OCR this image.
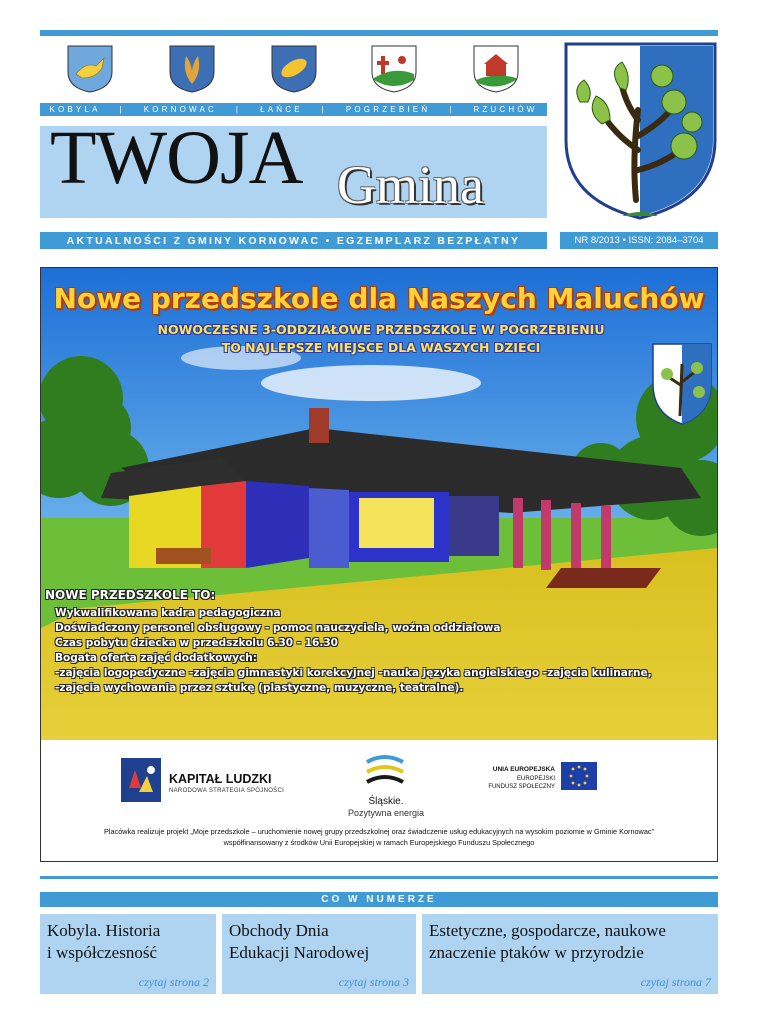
KOBYLA | KORNOWAC | ŁAŃCE | POGRZEBIEŃ | RZUCHÓW
TWOJA Gmina
AKTUALNOŚCI Z GMINY KORNOWAC • EGZEMPLARZ BEZPŁATNY	NR 8/2013 • ISSN: 2084–3704
Nowe przedszkole dla Naszych Maluchów
NOWOCZESNE 3-ODDZIAŁOWE PRZEDSZKOLE W POGRZEBIENIU
TO NAJLEPSZE MIEJSCE DLA WASZYCH DZIECI
NOWE PRZEDSZKOLE TO:
Wykwalifikowana kadra pedagogiczna
Doświadczony personel obsługowy - pomoc nauczyciela, woźna oddziałowa
Czas pobytu dziecka w przedszkolu 6.30 - 16.30
Bogata oferta zajęć dodatkowych:
-zajęcia logopedyczne -zajęcia gimnastyki korekcyjnej -nauka języka angielskiego -zajęcia kulinarne,
-zajęcia wychowania przez sztukę (plastyczne, muzyczne, teatralne).
KAPITAŁ LUDZKI
NARODOWA STRATEGIA SPÓJNOŚCI
Śląskie.
Pozytywna energia
UNIA EUROPEJSKA
EUROPEJSKI
FUNDUSZ SPOŁECZNY
Placówka realizuje projekt „Moje przedszkole – uruchomienie nowej grupy przedszkolnej oraz świadczenie usług edukacyjnych na wysokim poziomie w Gminie Kornowac”
współfinansowany z środków Unii Europejskiej w ramach Europejskiego Funduszu Społecznego
CO W NUMERZE
Kobyla. Historia
i współczesność
czytaj strona 2
Obchody Dnia
Edukacji Narodowej
czytaj strona 3
Estetyczne, gospodarcze, naukowe
znaczenie ptaków w przyrodzie
czytaj strona 7
